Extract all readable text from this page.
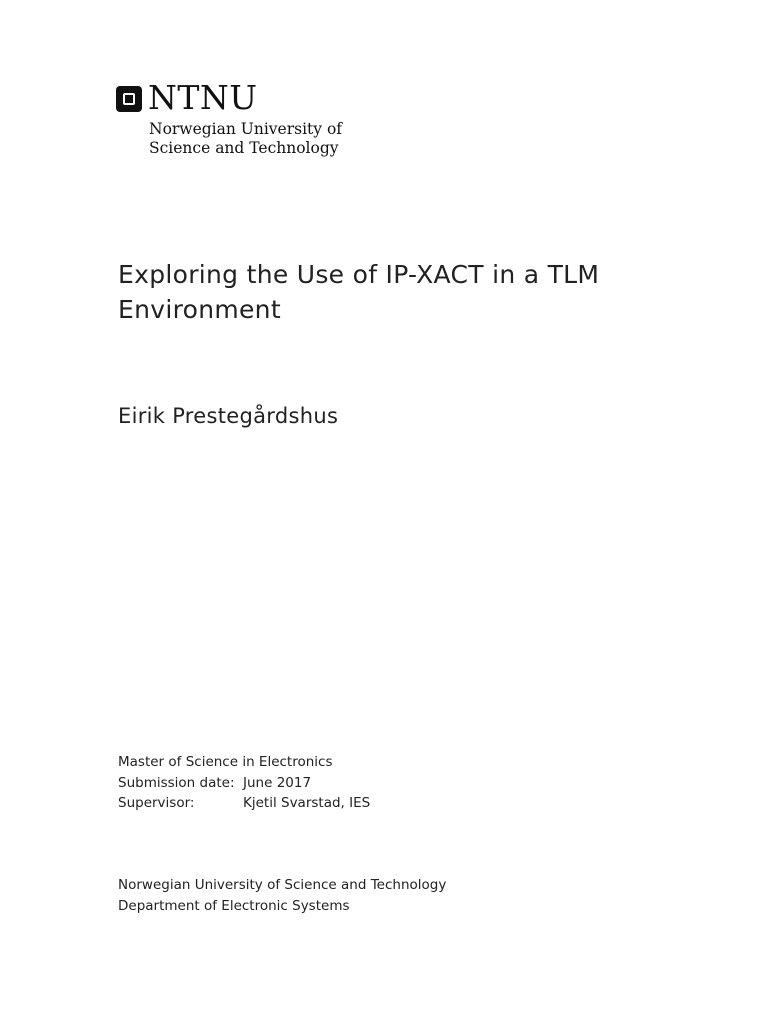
NTNU
Norwegian University of
Science and Technology
Exploring the Use of IP-XACT in a TLM
Environment
Eirik Prestegårdshus
Master of Science in Electronics
Submission date: June 2017
Supervisor:	Kjetil Svarstad, IES
Norwegian University of Science and Technology
Department of Electronic Systems
